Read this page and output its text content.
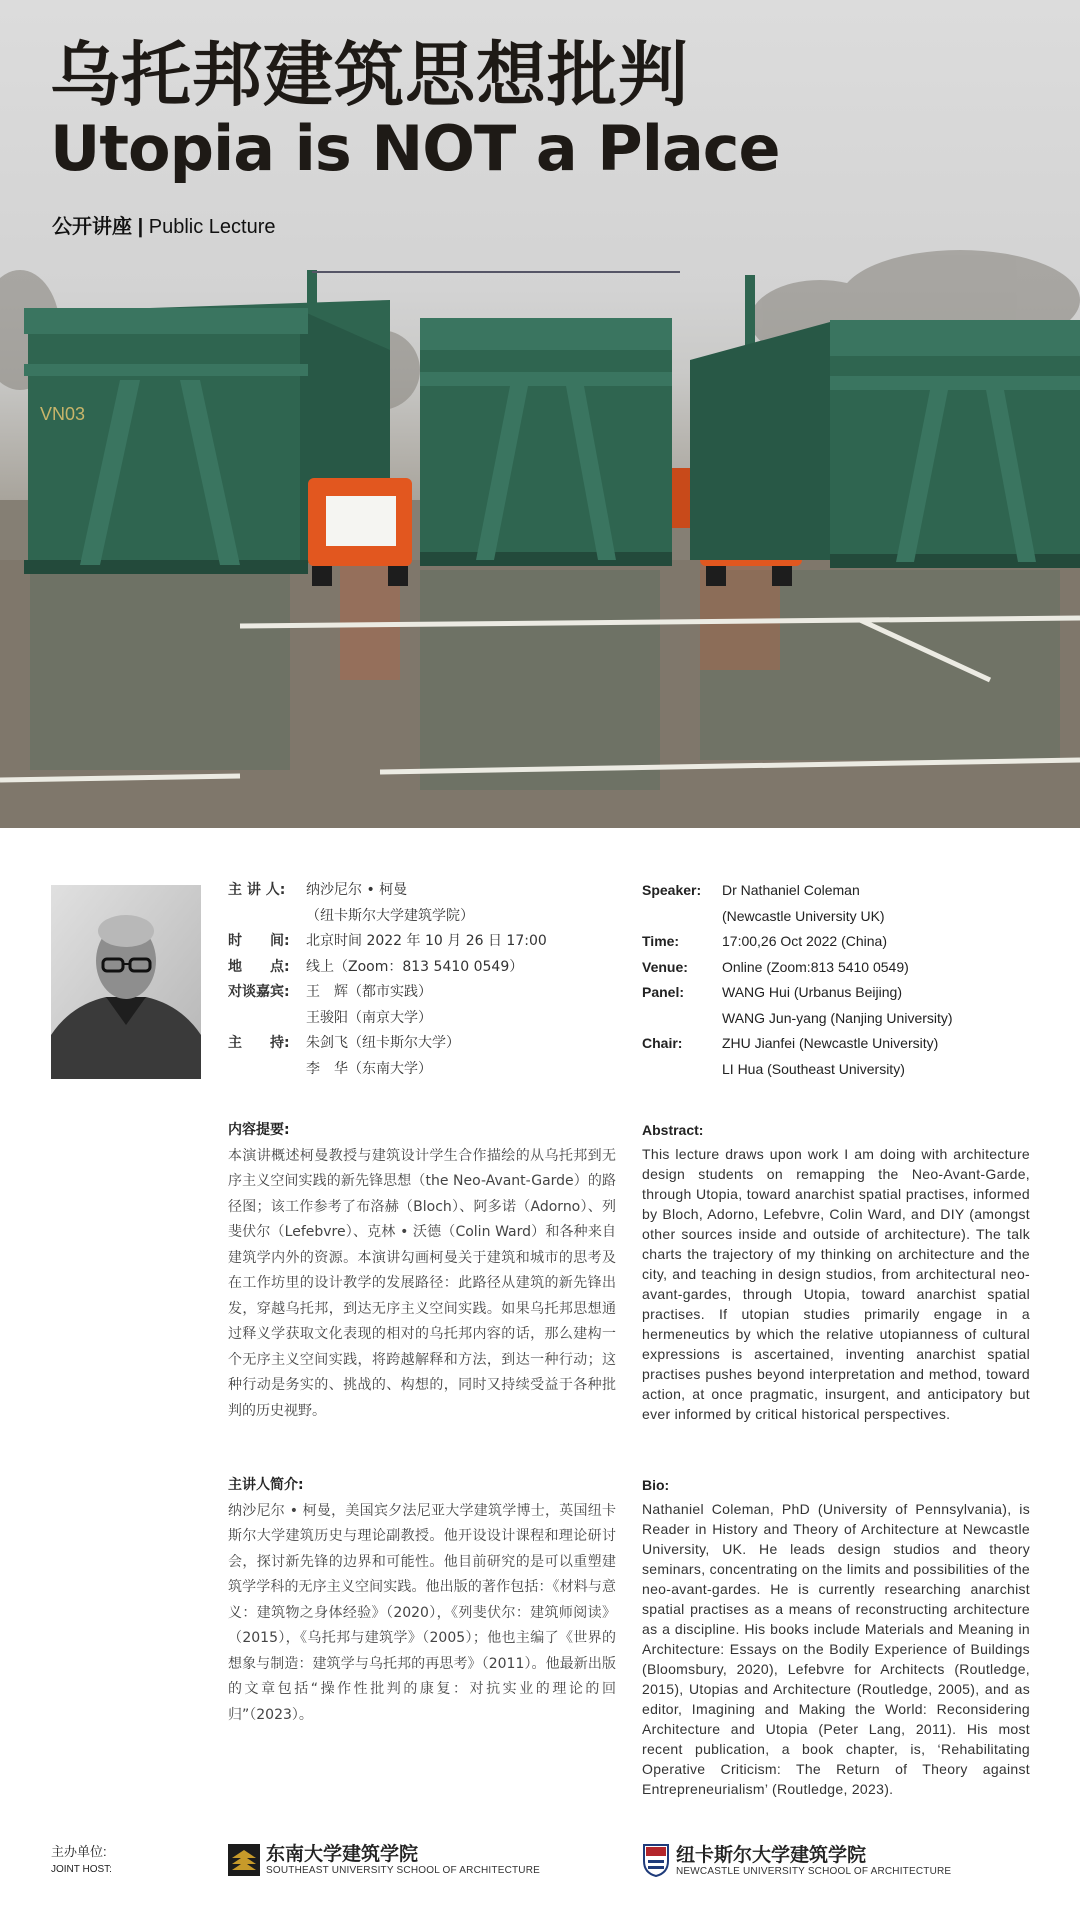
VN03
乌托邦建筑思想批判
Utopia is NOT a Place
公开讲座 | Public Lecture
主 讲 人:	纳沙尼尔 • 柯曼
（纽卡斯尔大学建筑学院）
时　　间:	北京时间 2022 年 10 月 26 日 17:00
地　　点:	线上（Zoom：813 5410 0549）
对谈嘉宾:	王　辉（都市实践）
王骏阳（南京大学）
主　　持:	朱剑飞（纽卡斯尔大学）
李　华（东南大学）
Speaker:	Dr Nathaniel Coleman
(Newcastle University UK)
Time:	17:00,26 Oct 2022 (China)
Venue:	Online (Zoom:813 5410 0549)
Panel:	WANG Hui (Urbanus Beijing)
WANG Jun-yang (Nanjing University)
Chair:	ZHU Jianfei (Newcastle University)
LI Hua (Southeast University)
内容提要:
本演讲概述柯曼教授与建筑设计学生合作描绘的从乌托邦到无序主义空间实践的新先锋思想（the Neo-Avant-Garde）的路径图；该工作参考了布洛赫（Bloch）、阿多诺（Adorno）、列斐伏尔（Lefebvre）、克林 • 沃德（Colin Ward）和各种来自建筑学内外的资源。本演讲勾画柯曼关于建筑和城市的思考及在工作坊里的设计教学的发展路径：此路径从建筑的新先锋出发，穿越乌托邦，到达无序主义空间实践。如果乌托邦思想通过释义学获取文化表现的相对的乌托邦内容的话，那么建构一个无序主义空间实践，将跨越解释和方法，到达一种行动；这种行动是务实的、挑战的、构想的，同时又持续受益于各种批判的历史视野。
Abstract:
This lecture draws upon work I am doing with architecture design students on remapping the Neo-Avant-Garde, through Utopia, toward anarchist spatial practises, informed by Bloch, Adorno, Lefebvre, Colin Ward, and DIY (amongst other sources inside and outside of architecture). The talk charts the trajectory of my thinking on architecture and the city, and teaching in design studios, from architectural neo-avant-gardes, through Utopia, toward anarchist spatial practises. If utopian studies primarily engage in a hermeneutics by which the relative utopianness of cultural expressions is ascertained, inventing anarchist spatial practises pushes beyond interpretation and method, toward action, at once pragmatic, insurgent, and anticipatory but ever informed by critical historical perspectives.
主讲人简介:
纳沙尼尔 • 柯曼，美国宾夕法尼亚大学建筑学博士，英国纽卡斯尔大学建筑历史与理论副教授。他开设设计课程和理论研讨会，探讨新先锋的边界和可能性。他目前研究的是可以重塑建筑学学科的无序主义空间实践。他出版的著作包括：《材料与意义：建筑物之身体经验》（2020），《列斐伏尔：建筑师阅读》（2015），《乌托邦与建筑学》（2005）；他也主编了《世界的想象与制造：建筑学与乌托邦的再思考》（2011）。他最新出版的文章包括“操作性批判的康复：对抗实业的理论的回归”（2023）。
Bio:
Nathaniel Coleman, PhD (University of Pennsylvania), is Reader in History and Theory of Architecture at Newcastle University, UK. He leads design studios and theory seminars, concentrating on the limits and possibilities of the neo-avant-gardes. He is currently researching anarchist spatial practises as a means of reconstructing architecture as a discipline. His books include Materials and Meaning in Architecture: Essays on the Bodily Experience of Buildings (Bloomsbury, 2020), Lefebvre for Architects (Routledge, 2015), Utopias and Architecture (Routledge, 2005), and as editor, Imagining and Making the World: Reconsidering Architecture and Utopia (Peter Lang, 2011). His most recent publication, a book chapter, is, ‘Rehabilitating Operative Criticism: The Return of Theory against Entrepreneurialism’ (Routledge, 2023).
主办单位:
JOINT HOST:
东南大学建筑学院
SOUTHEAST UNIVERSITY SCHOOL OF ARCHITECTURE
纽卡斯尔大学建筑学院
NEWCASTLE UNIVERSITY SCHOOL OF ARCHITECTURE
